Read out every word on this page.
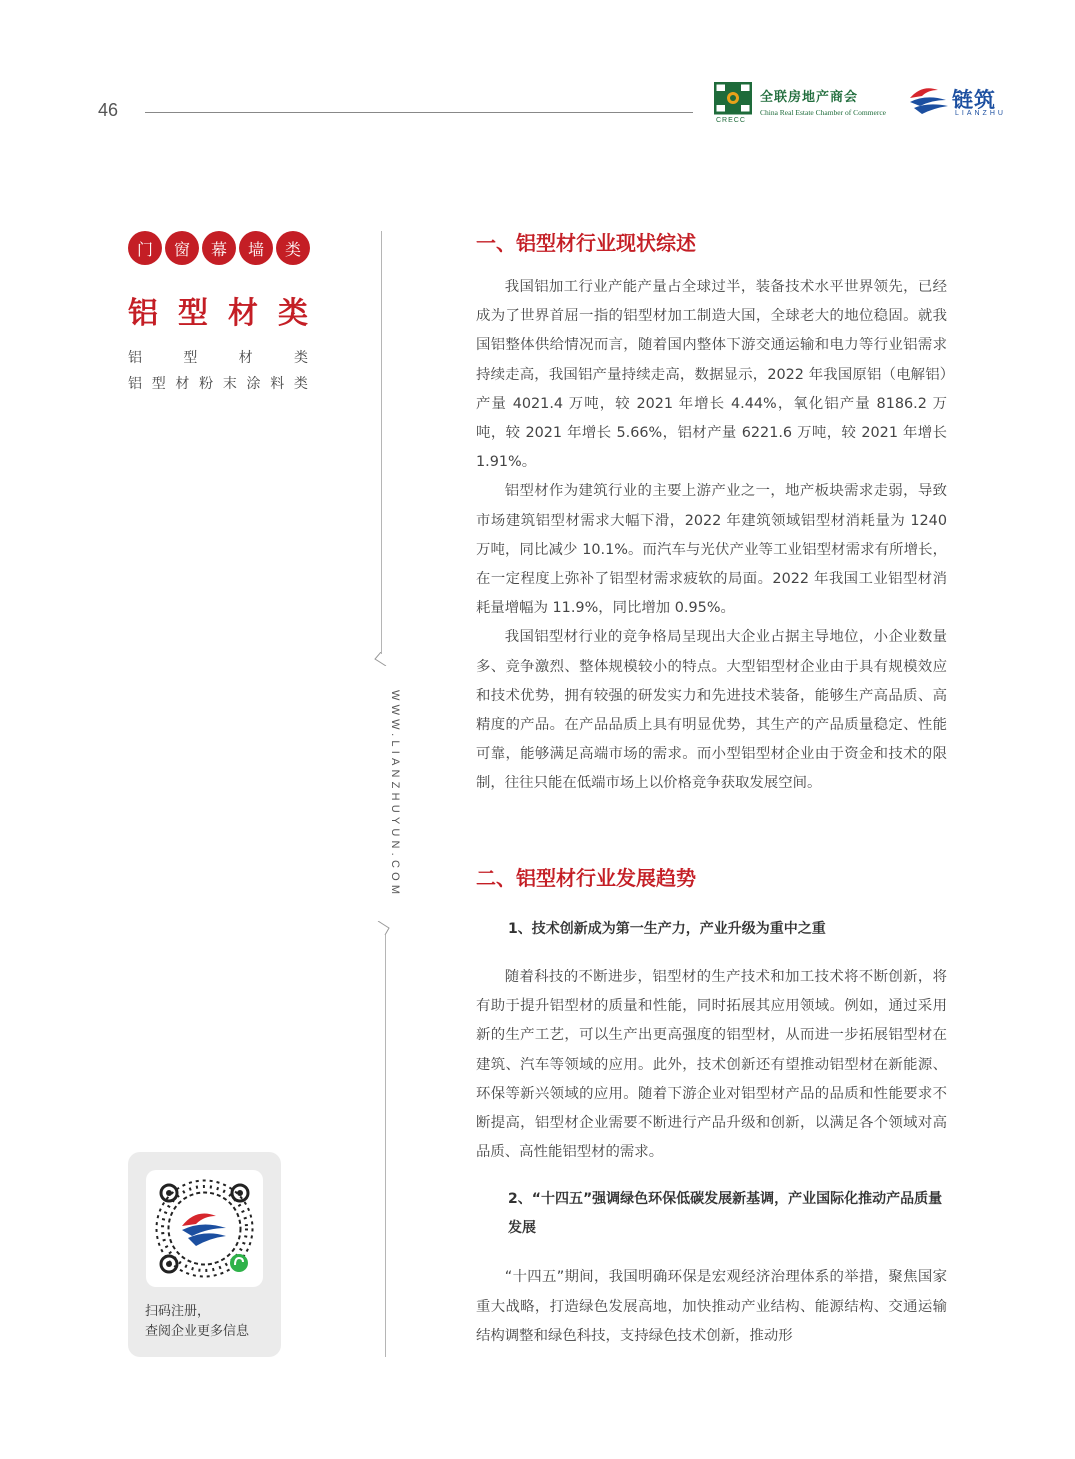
46
CRECC
全联房地产商会
China Real Estate Chamber of Commerce
链筑
LIANZHU
门	窗	幕	墙	类
铝 型 材 类
铝	型	材	类
铝 型 材 粉 末 涂 料 类
WWW.LIANZHUYUN.COM
扫码注册，
查阅企业更多信息
一、铝型材行业现状综述

我国铝加工行业产能产量占全球过半，装备技术水平世界领先，已经成为了世界首屈一指的铝型材加工制造大国，全球老大的地位稳固。就我国铝整体供给情况而言，随着国内整体下游交通运输和电力等行业铝需求持续走高，我国铝产量持续走高，数据显示，2022 年我国原铝（电解铝）产量 4021.4 万吨，较 2021 年增长 4.44%，氧化铝产量 8186.2 万吨，较 2021 年增长 5.66%，铝材产量 6221.6 万吨，较 2021 年增长 1.91%。

铝型材作为建筑行业的主要上游产业之一，地产板块需求走弱，导致市场建筑铝型材需求大幅下滑，2022 年建筑领域铝型材消耗量为 1240 万吨，同比减少 10.1%。而汽车与光伏产业等工业铝型材需求有所增长，在一定程度上弥补了铝型材需求疲软的局面。2022 年我国工业铝型材消耗量增幅为 11.9%，同比增加 0.95%。

我国铝型材行业的竞争格局呈现出大企业占据主导地位，小企业数量多、竞争激烈、整体规模较小的特点。大型铝型材企业由于具有规模效应和技术优势，拥有较强的研发实力和先进技术装备，能够生产高品质、高精度的产品。在产品品质上具有明显优势，其生产的产品质量稳定、性能可靠，能够满足高端市场的需求。而小型铝型材企业由于资金和技术的限制，往往只能在低端市场上以价格竞争获取发展空间。

二、铝型材行业发展趋势
1、技术创新成为第一生产力，产业升级为重中之重

随着科技的不断进步，铝型材的生产技术和加工技术将不断创新，将有助于提升铝型材的质量和性能，同时拓展其应用领域。例如，通过采用新的生产工艺，可以生产出更高强度的铝型材，从而进一步拓展铝型材在建筑、汽车等领域的应用。此外，技术创新还有望推动铝型材在新能源、环保等新兴领域的应用。随着下游企业对铝型材产品的品质和性能要求不断提高，铝型材企业需要不断进行产品升级和创新，以满足各个领域对高品质、高性能铝型材的需求。

2、“十四五”强调绿色环保低碳发展新基调，产业国际化推动产品质量发展

“十四五”期间，我国明确环保是宏观经济治理体系的举措，聚焦国家重大战略，打造绿色发展高地，加快推动产业结构、能源结构、交通运输结构调整和绿色科技，支持绿色技术创新，推动形
